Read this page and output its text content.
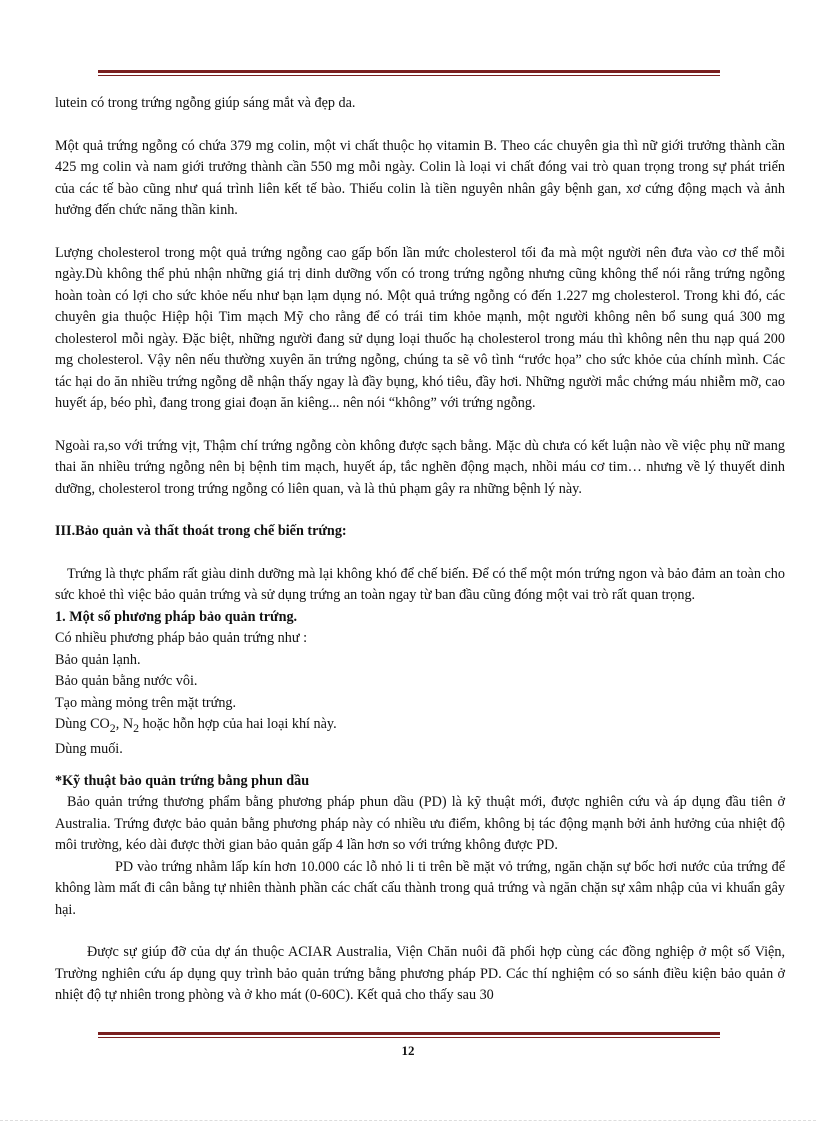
lutein có trong trứng ngỗng giúp sáng mắt và đẹp da.

Một quả trứng ngỗng có chứa 379 mg colin, một vi chất thuộc họ vitamin B. Theo các chuyên gia thì nữ giới trưởng thành cần 425 mg colin và nam giới trưởng thành cần 550 mg mỗi ngày. Colin là loại vi chất đóng vai trò quan trọng trong sự phát triển của các tế bào cũng như quá trình liên kết tế bào. Thiếu colin là tiền nguyên nhân gây bệnh gan, xơ cứng động mạch và ảnh hưởng đến chức năng thần kinh.

Lượng cholesterol trong một quả trứng ngỗng cao gấp bốn lần mức cholesterol tối đa mà một người nên đưa vào cơ thể mỗi ngày.Dù không thể phủ nhận những giá trị dinh dưỡng vốn có trong trứng ngỗng nhưng cũng không thể nói rằng trứng ngỗng hoàn toàn có lợi cho sức khỏe nếu như bạn lạm dụng nó. Một quả trứng ngỗng có đến 1.227 mg cholesterol. Trong khi đó, các chuyên gia thuộc Hiệp hội Tim mạch Mỹ cho rằng để có trái tim khỏe mạnh, một người không nên bổ sung quá 300 mg cholesterol mỗi ngày. Đặc biệt, những người đang sử dụng loại thuốc hạ cholesterol trong máu thì không nên thu nạp quá 200 mg cholesterol. Vậy nên nếu thường xuyên ăn trứng ngỗng, chúng ta sẽ vô tình “rước họa” cho sức khỏe của chính mình. Các tác hại do ăn nhiều trứng ngỗng dễ nhận thấy ngay là đầy bụng, khó tiêu, đầy hơi. Những người mắc chứng máu nhiễm mỡ, cao huyết áp, béo phì, đang trong giai đoạn ăn kiêng... nên nói “không” với trứng ngỗng.

Ngoài ra,so với trứng vịt, Thậm chí trứng ngỗng còn không được sạch bằng. Mặc dù chưa có kết luận nào về việc phụ nữ mang thai ăn nhiều trứng ngỗng nên bị bệnh tim mạch, huyết áp, tắc nghẽn động mạch, nhồi máu cơ tim… nhưng về lý thuyết dinh dưỡng, cholesterol trong trứng ngỗng có liên quan, và là thủ phạm gây ra những bệnh lý này.

III.Bảo quản và thất thoát trong chế biến trứng:

Trứng là thực phẩm rất giàu dinh dưỡng mà lại không khó để chế biến. Để có thể một món trứng ngon và bảo đảm an toàn cho sức khoẻ thì việc bảo quản trứng và sử dụng trứng an toàn ngay từ ban đầu cũng đóng một vai trò rất quan trọng.

1. Một số phương pháp bảo quản trứng.

Có nhiều phương pháp bảo quản trứng như :

Bảo quản lạnh.

Bảo quản bằng nước vôi.

Tạo màng mỏng trên mặt trứng.

Dùng $CO_2$, $N_2$ hoặc hỗn hợp của hai loại khí này.

Dùng muối.

*Kỹ thuật bảo quản trứng bằng phun dầu

Bảo quản trứng thương phẩm bằng phương pháp phun dầu (PD) là kỹ thuật mới, được nghiên cứu và áp dụng đầu tiên ở Australia. Trứng được bảo quản bằng phương pháp này có nhiều ưu điểm, không bị tác động mạnh bởi ảnh hưởng của nhiệt độ môi trường, kéo dài được thời gian bảo quản gấp 4 lần hơn so với trứng không được PD.

PD vào trứng nhằm lấp kín hơn 10.000 các lỗ nhỏ li ti trên bề mặt vỏ trứng, ngăn chặn sự bốc hơi nước của trứng để không làm mất đi cân bằng tự nhiên thành phần các chất cấu thành trong quả trứng và ngăn chặn sự xâm nhập của vi khuẩn gây hại.

Được sự giúp đỡ của dự án thuộc ACIAR Australia, Viện Chăn nuôi đã phối hợp cùng các đồng nghiệp ở một số Viện, Trường nghiên cứu áp dụng quy trình bảo quản trứng bằng phương pháp PD. Các thí nghiệm có so sánh điều kiện bảo quản ở nhiệt độ tự nhiên trong phòng và ở kho mát (0-60C). Kết quả cho thấy sau 30

12
